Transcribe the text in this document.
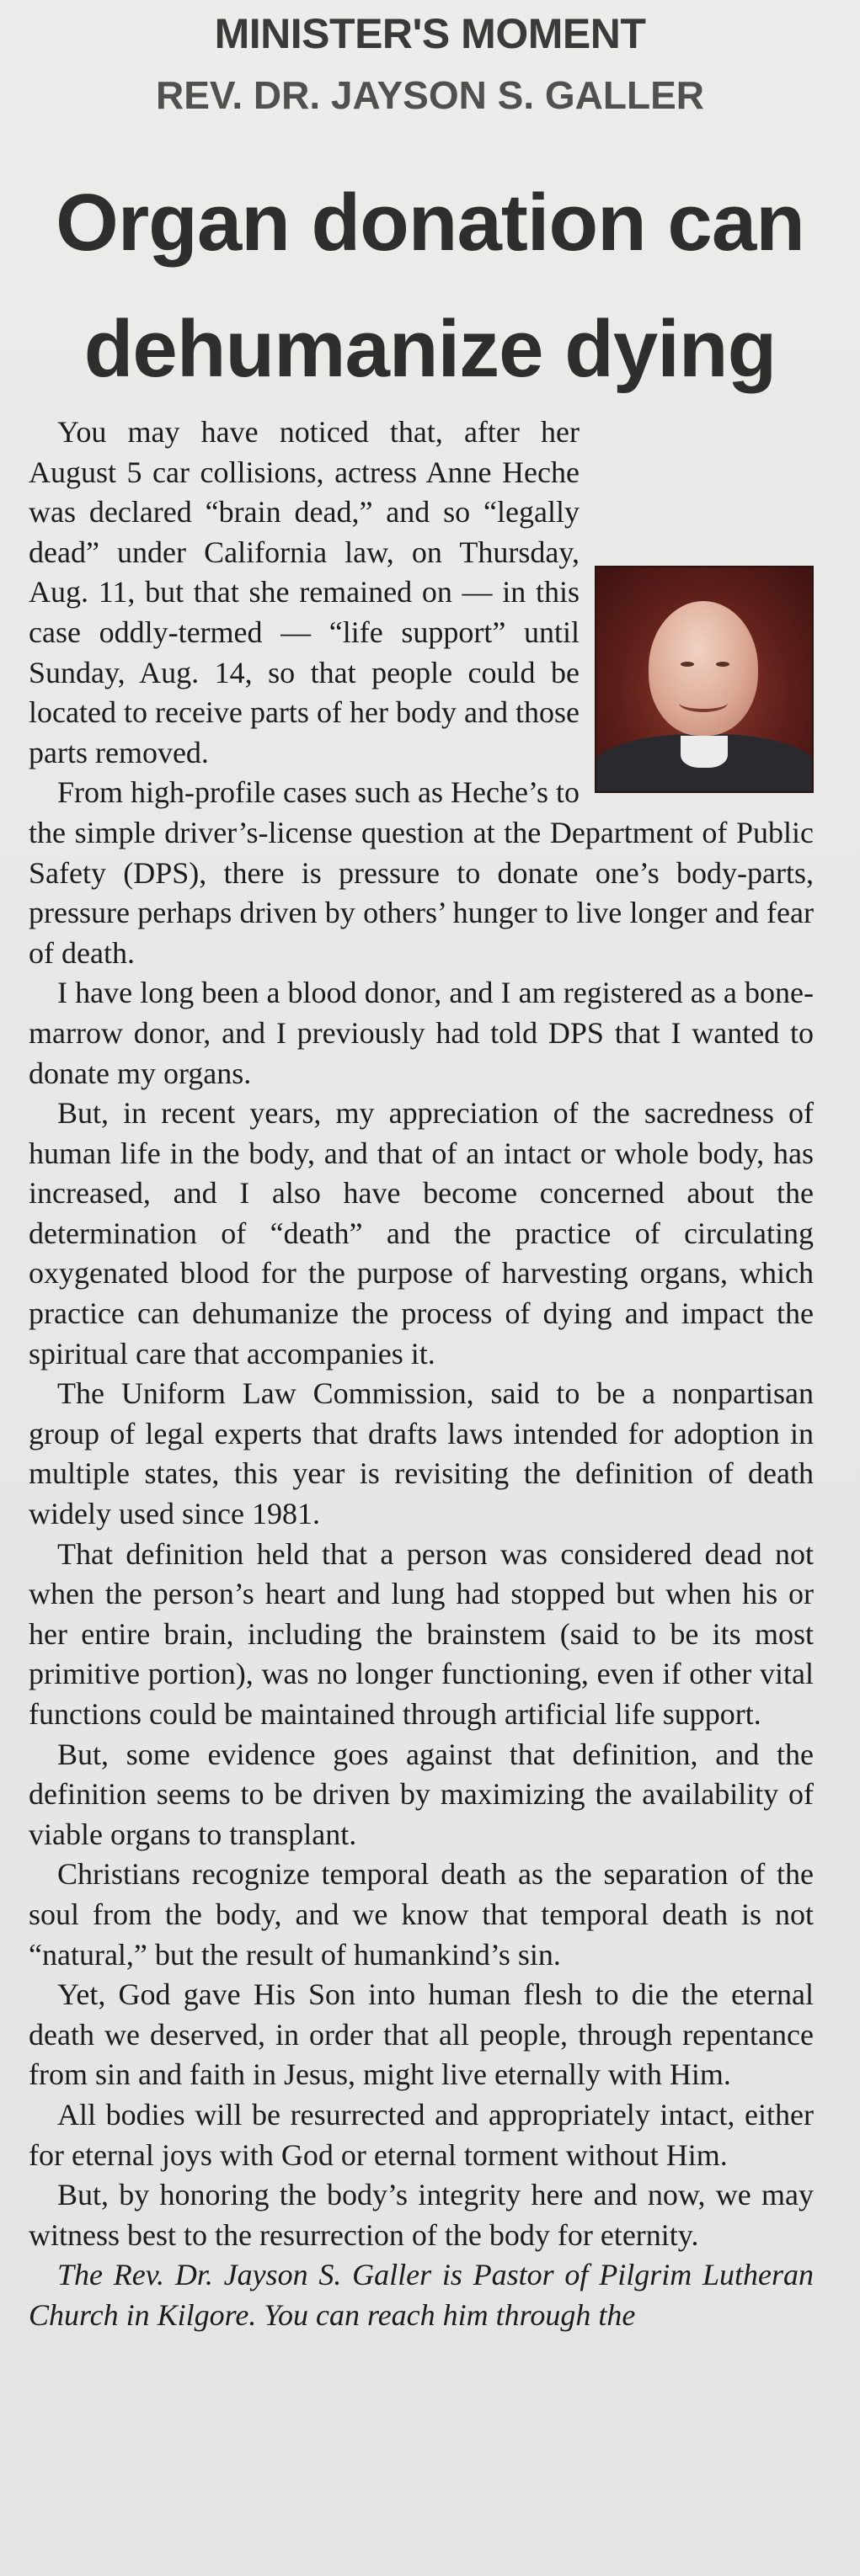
MINISTER'S MOMENT
REV. DR. JAYSON S. GALLER
Organ donation can
dehumanize dying

You may have noticed that, after her August 5 car collisions, actress Anne Heche was declared “brain dead,” and so “legally dead” under California law, on Thursday, Aug. 11, but that she remained on — in this case oddly-termed — “life support” until Sunday, Aug. 14, so that people could be located to receive parts of her body and those parts removed.

From high-profile cases such as Heche’s to the simple driver’s-license question at the Department of Public Safety (DPS), there is pressure to donate one’s body-parts, pressure perhaps driven by others’ hunger to live longer and fear of death.

I have long been a blood donor, and I am registered as a bone-marrow donor, and I previously had told DPS that I wanted to donate my organs.

But, in recent years, my appreciation of the sacredness of human life in the body, and that of an intact or whole body, has increased, and I also have become concerned about the determination of “death” and the practice of circulating oxygenated blood for the purpose of harvesting organs, which practice can dehumanize the process of dying and impact the spiritual care that accompanies it.

The Uniform Law Commission, said to be a nonpartisan group of legal experts that drafts laws intended for adoption in multiple states, this year is revisiting the definition of death widely used since 1981.

That definition held that a person was considered dead not when the person’s heart and lung had stopped but when his or her entire brain, including the brainstem (said to be its most primitive portion), was no longer functioning, even if other vital functions could be maintained through artificial life support.

But, some evidence goes against that definition, and the definition seems to be driven by maximizing the availability of viable organs to transplant.

Christians recognize temporal death as the separation of the soul from the body, and we know that temporal death is not “natural,” but the result of humankind’s sin.

Yet, God gave His Son into human flesh to die the eternal death we deserved, in order that all people, through repentance from sin and faith in Jesus, might live eternally with Him.

All bodies will be resurrected and appropriately intact, either for eternal joys with God or eternal torment without Him.

But, by honoring the body’s integrity here and now, we may witness best to the resurrection of the body for eternity.

The Rev. Dr. Jayson S. Galler is Pastor of Pilgrim Lutheran Church in Kilgore. You can reach him through the
